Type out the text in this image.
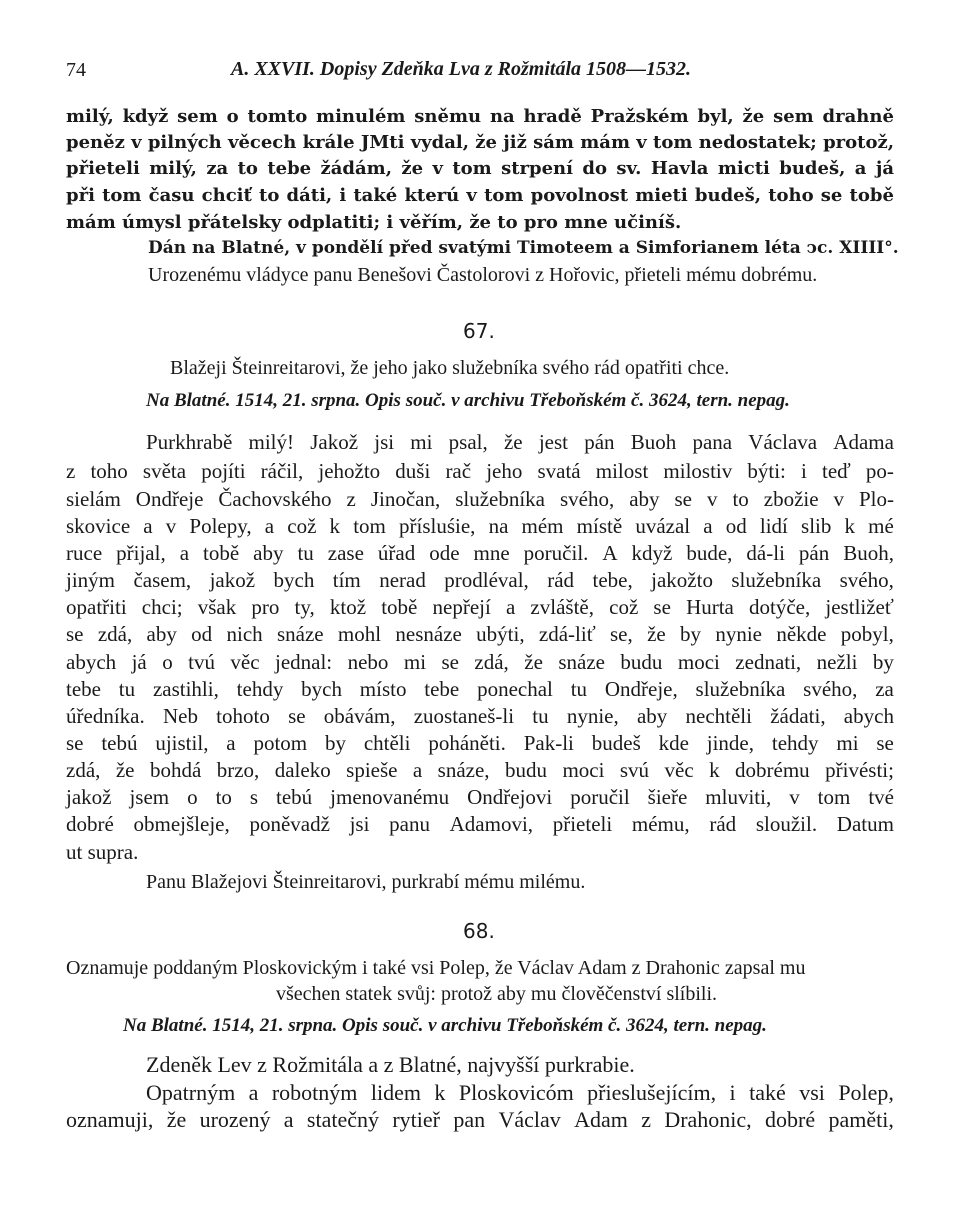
74	A. XXVII. Dopisy Zdeňka Lva z Rožmitála 1508—1532.
milý, když sem o tomto minulém sněmu na hradě Pražském byl, že sem drahně
peněz v pilných věcech krále JMti vydal, že již sám mám v tom nedostatek; protož,
přieteli milý, za to tebe žádám, že v tom strpení do sv. Havla micti budeš, a já
při tom času chciť to dáti, i také kterú v tom povolnost mieti budeš, toho se tobě
mám úmysl přátelsky odplatiti; i věřím, že to pro mne učiníš.
Dán na Blatné, v pondělí před svatými Timoteem a Simforianem léta ͻc. XIIII°.
Urozenému vládyce panu Benešovi Častolorovi z Hořovic, přieteli mému dobrému.
67.
Blažeji Šteinreitarovi, že jeho jako služebníka svého rád opatřiti chce.
Na Blatné. 1514, 21. srpna. Opis souč. v archivu Třeboňském č. 3624, tern. nepag.
Purkhrabě milý! Jakož jsi mi psal, že jest pán Buoh pana Václava Adama
z toho světa pojíti ráčil, jehožto duši rač jeho svatá milost milostiv býti: i teď po-
sielám Ondřeje Čachovského z Jinočan, služebníka svého, aby se v to zbožie v Plo-
skovice a v Polepy, a což k tom přísluśie, na mém místě uvázal a od lidí slib k mé
ruce přijal, a tobě aby tu zase úřad ode mne poručil. A když bude, dá-li pán Buoh,
jiným časem, jakož bych tím nerad prodléval, rád tebe, jakožto služebníka svého,
opatřiti chci; však pro ty, ktož tobě nepřejí a zvláště, což se Hurta dotýče, jestližeť
se zdá, aby od nich snáze mohl nesnáze ubýti, zdá-liť se, že by nynie někde pobyl,
abych já o tvú věc jednal: nebo mi se zdá, že snáze budu moci zednati, nežli by
tebe tu zastihli, tehdy bych místo tebe ponechal tu Ondřeje, služebníka svého, za
úředníka. Neb tohoto se obávám, zuostaneš-li tu nynie, aby nechtěli žádati, abych
se tebú ujistil, a potom by chtěli poháněti. Pak-li budeš kde jinde, tehdy mi se
zdá, že bohdá brzo, daleko spieše a snáze, budu moci svú věc k dobrému přivésti;
jakož jsem o to s tebú jmenovanému Ondřejovi poručil šieře mluviti, v tom tvé
dobré obmejšleje, poněvadž jsi panu Adamovi, přieteli mému, rád sloužil. Datum
ut supra.
Panu Blažejovi Šteinreitarovi, purkrabí mému milému.
68.
Oznamuje poddaným Ploskovickým i také vsi Polep, že Václav Adam z Drahonic zapsal mu
všechen statek svůj: protož aby mu člověčenství slíbili.
Na Blatné. 1514, 21. srpna. Opis souč. v archivu Třeboňském č. 3624, tern. nepag.
Zdeněk Lev z Rožmitála a z Blatné, najvyšší purkrabie.
Opatrným a robotným lidem k Ploskovicóm přieslušejícím, i také vsi Polep,
oznamuji, že urozený a statečný rytieř pan Václav Adam z Drahonic, dobré paměti,
